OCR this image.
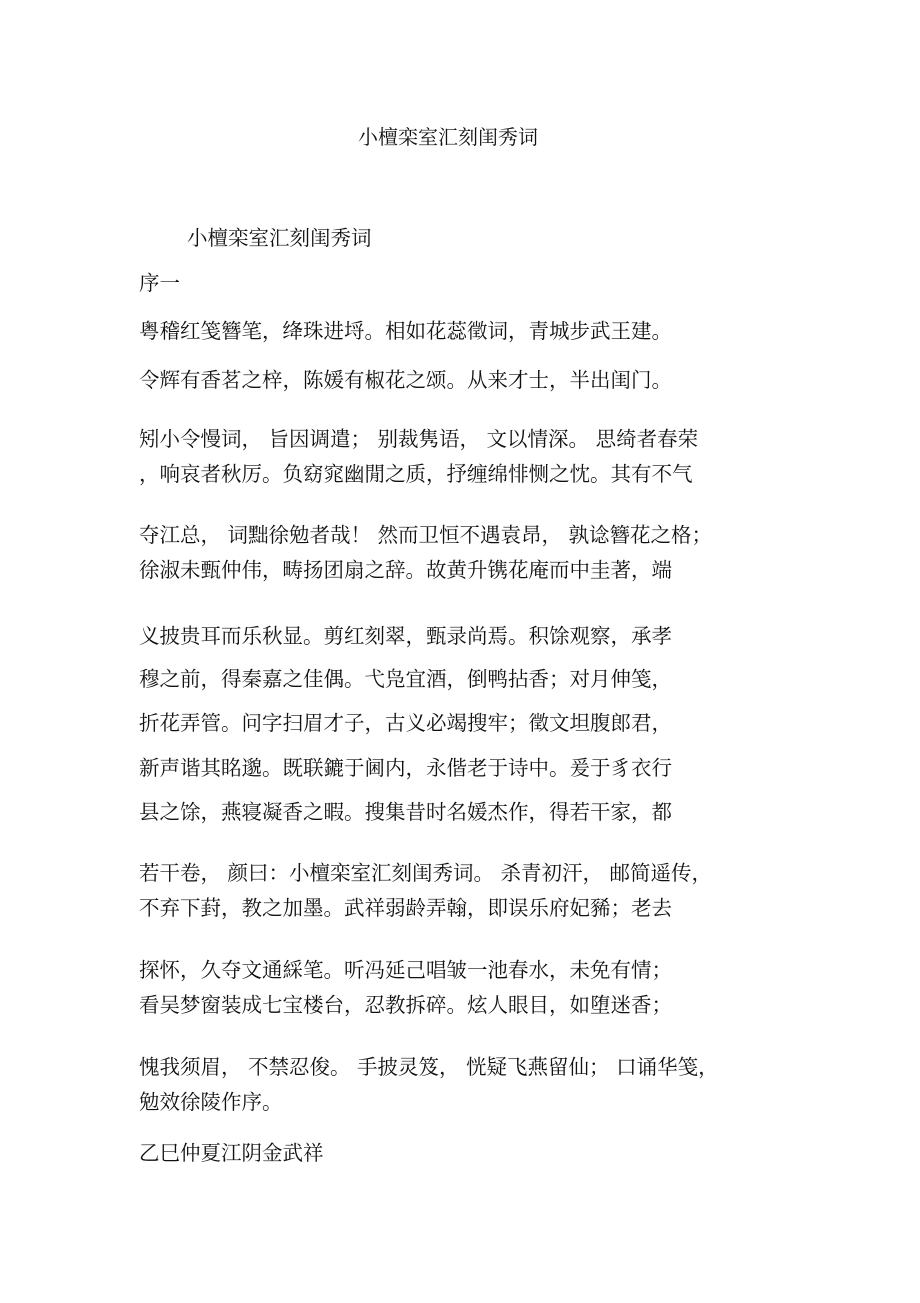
小檀栾室汇刻闺秀词
小檀栾室汇刻闺秀词
序一
粤稽红笺簪笔，绛珠进埒。相如花蕊徵词，青城步武王建。
令辉有香茗之梓，陈媛有椒花之颂。从来才士，半出闺门。
矧小令慢词， 旨因调遣； 别裁隽语， 文以情深。 思绮者春荣
，响哀者秋厉。负窈窕幽閒之质，抒缠绵悱恻之忱。其有不气
夺江总， 词黜徐勉者哉！ 然而卫恒不遇袁昂， 孰谂簪花之格；
徐淑未甄仲伟，畴扬团扇之辞。故黄升镌花庵而中圭著，端
义披贵耳而乐秋显。剪红刻翠，甄录尚焉。积馀观察，承孝
穆之前，得秦嘉之佳偶。弋凫宜酒，倒鸭拈香；对月伸笺，
折花弄管。问字扫眉才子，古义必竭搜牢；徵文坦腹郎君，
新声谐其眳邈。既联鏕于阃内，永偕老于诗中。爰于豸衣行
县之馀，燕寝凝香之暇。搜集昔时名媛杰作，得若干家，都
若干卷， 颜曰：小檀栾室汇刻闺秀词。 杀青初汗， 邮简遥传，
不弃下葑，教之加墨。武祥弱龄弄翰，即误乐府妃豨；老去
探怀，久夺文通綵笔。听冯延己唱皱一池春水，未免有情；
看吴梦窗装成七宝楼台，忍教拆碎。炫人眼目，如堕迷香；
愧我须眉， 不禁忍俊。 手披灵笈， 恍疑飞燕留仙； 口诵华笺，
勉效徐陵作序。
乙巳仲夏江阴金武祥
